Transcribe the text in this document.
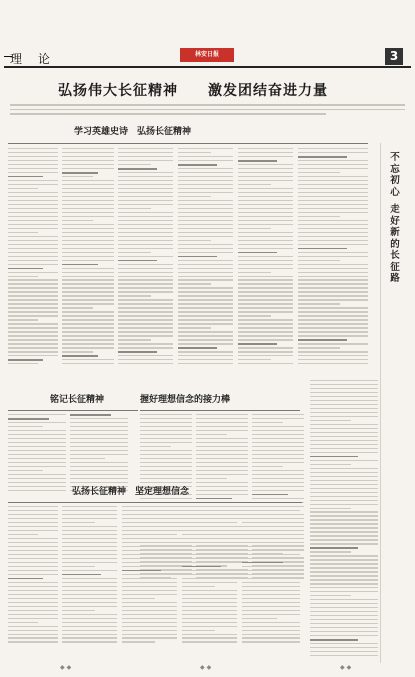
理 论	林安日报	3
弘扬伟大长征精神　　激发团结奋进力量
学习英雄史诗　弘扬长征精神
不
忘
初
心
走
好
新
的
长
征
路
铭记长征精神	握好理想信念的接力棒
弘扬长征精神　坚定理想信念
◆◆	◆◆	◆◆
